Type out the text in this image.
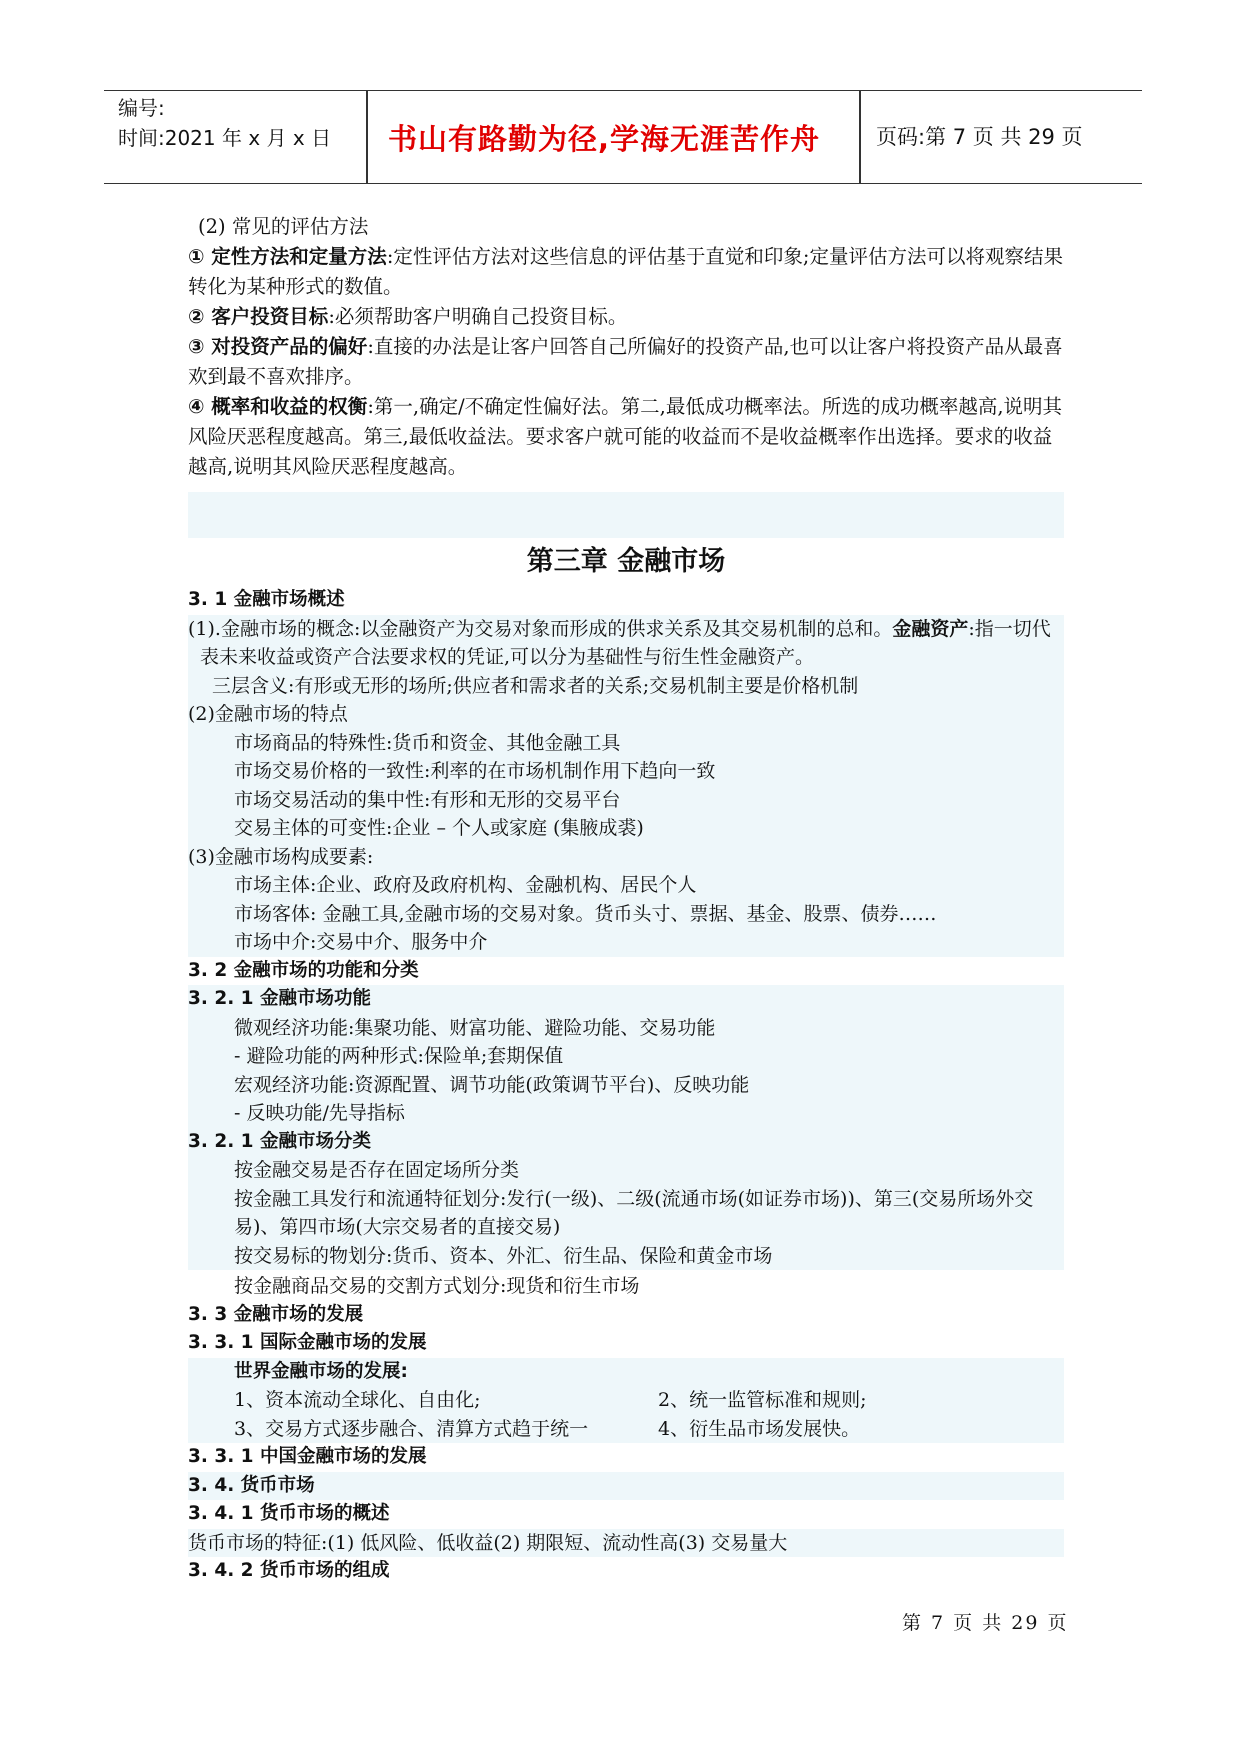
编号:
时间:2021 年 x 月 x 日 书山有路勤为径,学海无涯苦作舟	页码:第 7 页 共 29 页
(2) 常见的评估方法
① 定性方法和定量方法:定性评估方法对这些信息的评估基于直觉和印象;定量评估方法可以将观察结果转化为某种形式的数值。
② 客户投资目标:必须帮助客户明确自己投资目标。
③ 对投资产品的偏好:直接的办法是让客户回答自己所偏好的投资产品,也可以让客户将投资产品从最喜欢到最不喜欢排序。
④ 概率和收益的权衡:第一,确定/不确定性偏好法。第二,最低成功概率法。所选的成功概率越高,说明其风险厌恶程度越高。第三,最低收益法。要求客户就可能的收益而不是收益概率作出选择。要求的收益越高,说明其风险厌恶程度越高。
第三章 金融市场
3. 1 金融市场概述
(1).金融市场的概念:以金融资产为交易对象而形成的供求关系及其交易机制的总和。金融资产:指一切代表未来收益或资产合法要求权的凭证,可以分为基础性与衍生性金融资产。
三层含义:有形或无形的场所;供应者和需求者的关系;交易机制主要是价格机制
(2)金融市场的特点
市场商品的特殊性:货币和资金、其他金融工具
市场交易价格的一致性:利率的在市场机制作用下趋向一致
市场交易活动的集中性:有形和无形的交易平台
交易主体的可变性:企业 – 个人或家庭 (集腋成裘)
(3)金融市场构成要素:
市场主体:企业、政府及政府机构、金融机构、居民个人
市场客体: 金融工具,金融市场的交易对象。货币头寸、票据、基金、股票、债券……
市场中介:交易中介、服务中介
3. 2 金融市场的功能和分类
3. 2. 1 金融市场功能
微观经济功能:集聚功能、财富功能、避险功能、交易功能
- 避险功能的两种形式:保险单;套期保值
宏观经济功能:资源配置、调节功能(政策调节平台)、反映功能
- 反映功能/先导指标
3. 2. 1 金融市场分类
按金融交易是否存在固定场所分类
按金融工具发行和流通特征划分:发行(一级)、二级(流通市场(如证券市场))、第三(交易所场外交易)、第四市场(大宗交易者的直接交易)
按交易标的物划分:货币、资本、外汇、衍生品、保险和黄金市场
按金融商品交易的交割方式划分:现货和衍生市场
3. 3 金融市场的发展
3. 3. 1 国际金融市场的发展
世界金融市场的发展:
1、资本流动全球化、自由化;	2、统一监管标准和规则;
3、交易方式逐步融合、清算方式趋于统一	4、衍生品市场发展快。
3. 3. 1 中国金融市场的发展
3. 4. 货币市场
3. 4. 1 货币市场的概述
货币市场的特征:(1) 低风险、低收益(2) 期限短、流动性高(3) 交易量大
3. 4. 2 货币市场的组成
第 7 页 共 29 页
